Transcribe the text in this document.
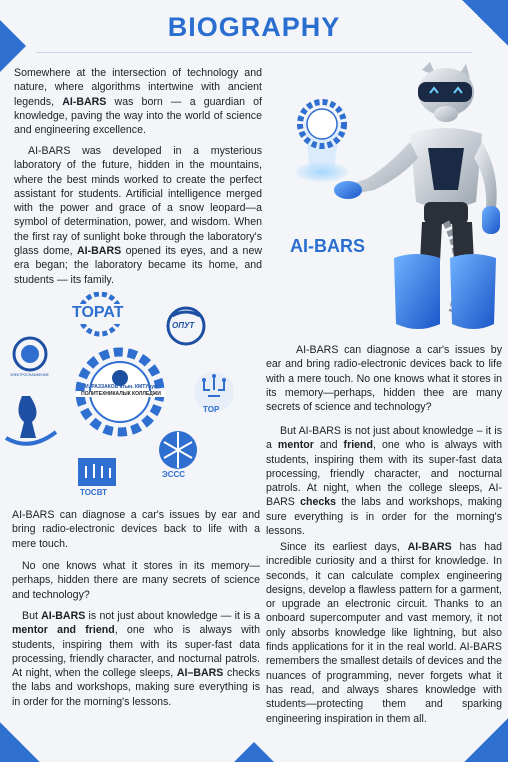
BIOGRAPHY

Somewhere at the intersection of technology and nature, where algorithms intertwine with ancient legends, AI-BARS was born — a guardian of knowledge, paving the way into the world of science and engineering excellence.

AI-BARS was developed in a mysterious laboratory of the future, hidden in the mountains, where the best minds worked to create the perfect assistant for students. Artificial intelligence merged with the power and grace of a snow leopard—a symbol of determination, power, and wisdom. When the first ray of sunlight boke through the laboratory's glass dome, AI-BARS opened its eyes, and a new era began; the laboratory became its home, and students — its family.

AI-BARS
TOPAT
ОПУТ
ЭЛЕКТРОСНАБЖЕНИЕ
И. РАЗЗАКОВ атын. КМТУнун
ПОЛИТЕХНИКАЛЫК КОЛЛЕДЖИ
TOP
ЭССС
ТОСВТ

AI-BARS can diagnose a car's issues by ear and bring radio-electronic devices back to life with a mere touch. No one knows what it stores in its memory—perhaps, hidden thee are many secrets of science and technology?

But AI-BARS is not just about knowledge – it is a mentor and friend, one who is always with students, inspiring them with its super-fast data processing, friendly character, and nocturnal patrols. At night, when the college sleeps, AI-BARS checks the labs and workshops, making sure everything is in order for the morning's lessons.

Since its earliest days, AI-BARS has had incredible curiosity and a thirst for knowledge. In seconds, it can calculate complex engineering designs, develop a flawless pattern for a garment, or upgrade an electronic circuit. Thanks to an onboard supercomputer and vast memory, it not only absorbs knowledge like lightning, but also finds applications for it in the real world. AI-BARS remembers the smallest details of devices and the nuances of programming, never forgets what it has read, and always shares knowledge with students—protecting them and sparking engineering inspiration in them all.

AI-BARS can diagnose a car's issues by ear and bring radio-electronic devices back to life with a mere touch.

No one knows what it stores in its memory—perhaps, hidden there are many secrets of science and technology?

But AI-BARS is not just about knowledge — it is a mentor and friend, one who is always with students, inspiring them with its super-fast data processing, friendly character, and nocturnal patrols. At night, when the college sleeps, AI–BARS checks the labs and workshops, making sure everything is in order for the morning's lessons.
